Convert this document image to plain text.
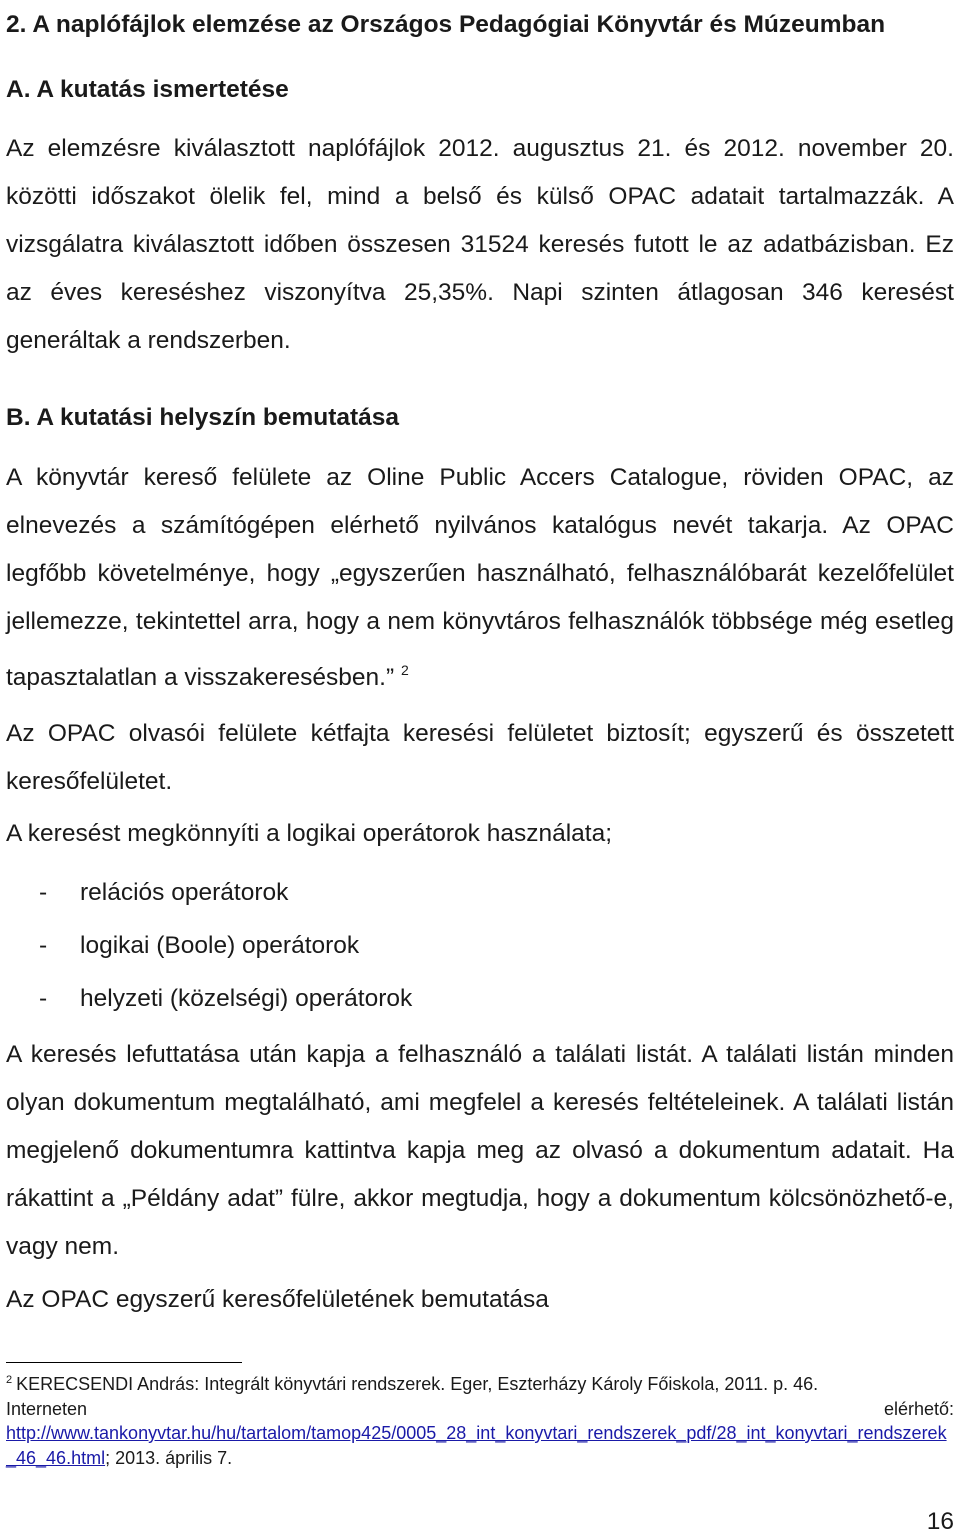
2. A naplófájlok elemzése az Országos Pedagógiai Könyvtár és Múzeumban
A. A kutatás ismertetése

Az elemzésre kiválasztott naplófájlok 2012. augusztus 21. és 2012. november 20. közötti időszakot ölelik fel, mind a belső és külső OPAC adatait tartalmazzák. A vizsgálatra kiválasztott időben összesen 31524 keresés futott le az adatbázisban. Ez az éves kereséshez viszonyítva 25,35%. Napi szinten átlagosan 346 keresést generáltak a rendszerben.

B. A kutatási helyszín bemutatása

A könyvtár kereső felülete az Oline Public Accers Catalogue, röviden OPAC, az elnevezés a számítógépen elérhető nyilvános katalógus nevét takarja. Az OPAC legfőbb követelménye, hogy „egyszerűen használható, felhasználóbarát kezelőfelület jellemezze, tekintettel arra, hogy a nem könyvtáros felhasználók többsége még esetleg tapasztalatlan a visszakeresésben.” $^2$

Az OPAC olvasói felülete kétfajta keresési felületet biztosít; egyszerű és összetett keresőfelületet.

A keresést megkönnyíti a logikai operátorok használata;

- relációs operátorok
- logikai (Boole) operátorok
- helyzeti (közelségi) operátorok

A keresés lefuttatása után kapja a felhasználó a találati listát. A találati listán minden olyan dokumentum megtalálható, ami megfelel a keresés feltételeinek. A találati listán megjelenő dokumentumra kattintva kapja meg az olvasó a dokumentum adatait. Ha rákattint a „Példány adat” fülre, akkor megtudja, hogy a dokumentum kölcsönözhető-e, vagy nem.

Az OPAC egyszerű keresőfelületének bemutatása

$^2$ KERECSENDI András: Integrált könyvtári rendszerek. Eger, Eszterházy Károly Főiskola, 2011. p. 46.
Interneten	elérhető:
http://www.tankonyvtar.hu/hu/tartalom/tamop425/0005_28_int_konyvtari_rendszerek_pdf/28_int_konyvtari_rendszerek_46_46.html; 2013. április 7.
16
